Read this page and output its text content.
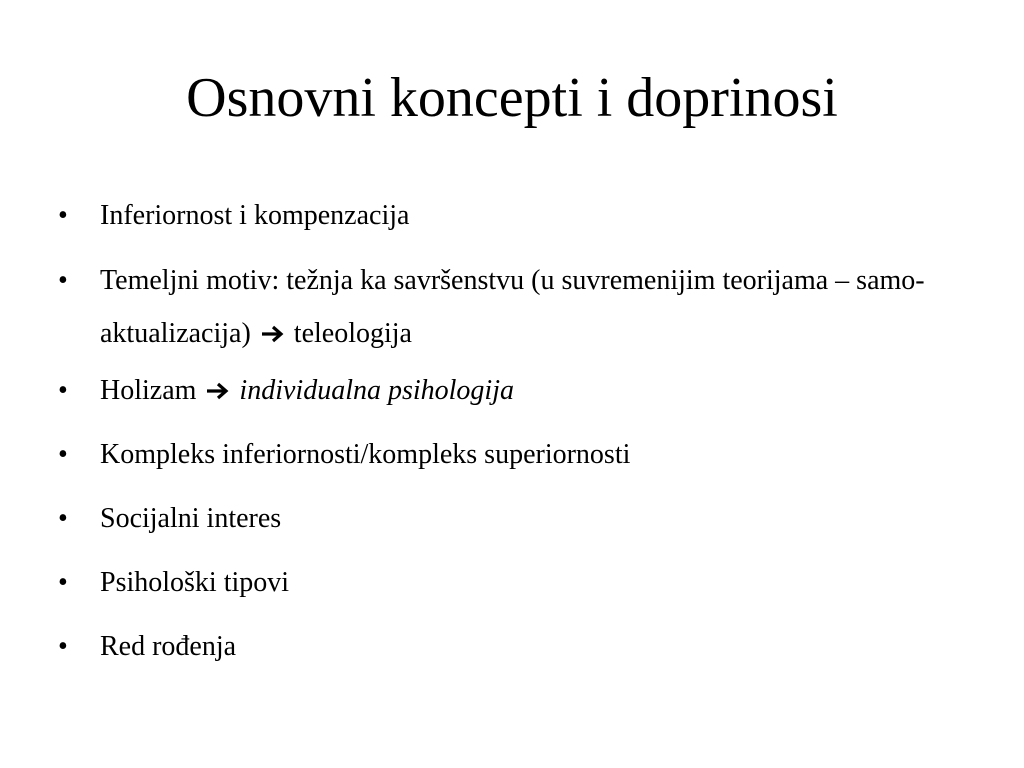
Osnovni koncepti i doprinosi
•	Inferiornost i kompenzacija
•	Temeljni motiv: težnja ka savršenstvu (u suvremenijim teorijama – samo-aktualizacija) teleologija
•	Holizam individualna psihologija
•	Kompleks inferiornosti/kompleks superiornosti
•	Socijalni interes
•	Psihološki tipovi
•	Red rođenja
